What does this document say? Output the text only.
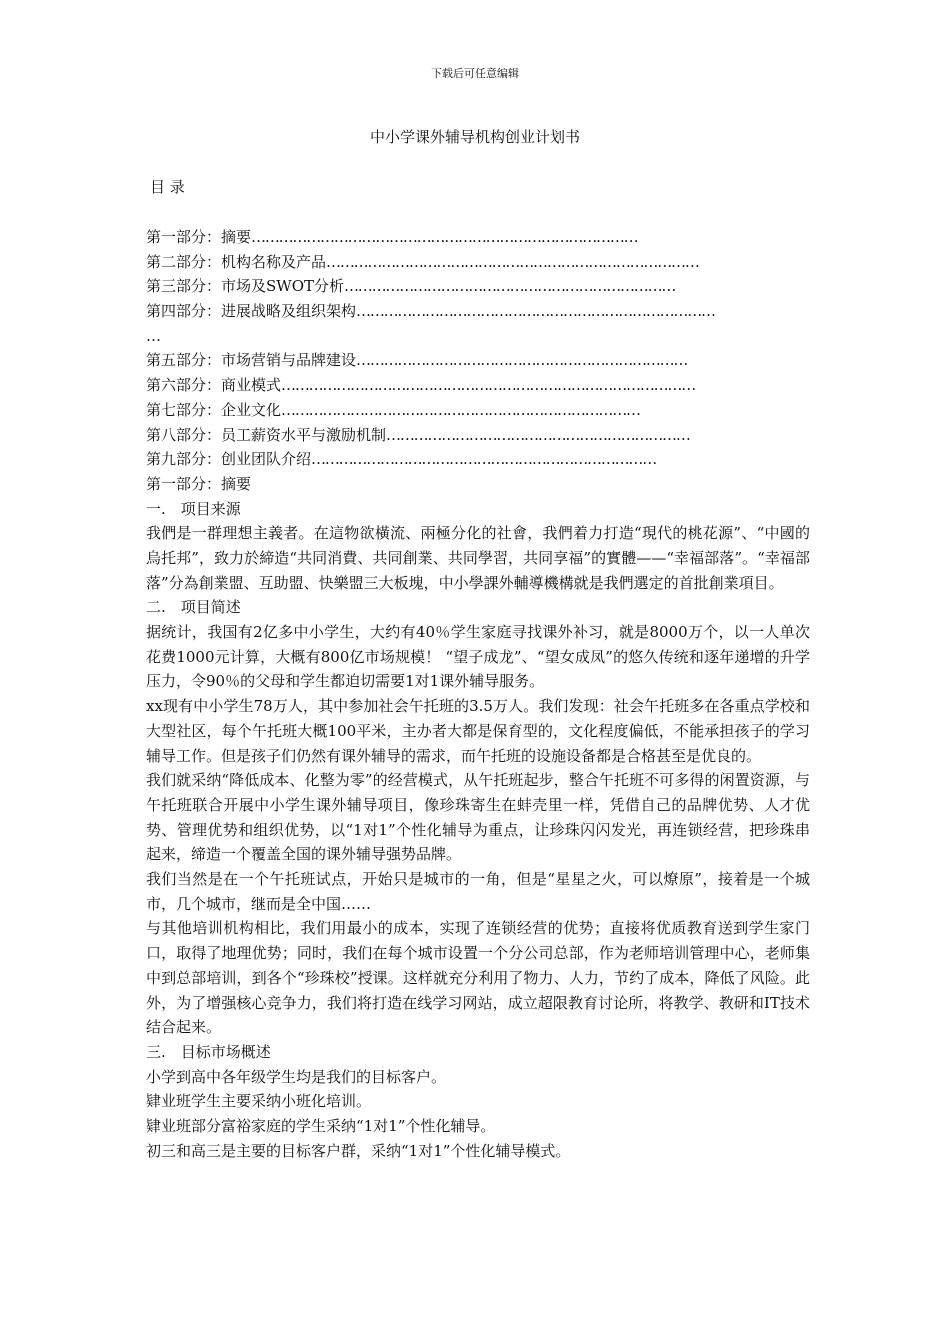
下载后可任意编辑
中小学课外辅导机构创业计划书
目 录
第一部分：摘要 …………………………………………………………………………
第二部分：机构名称及产品 ………………………………………………………………………
第三部分：市场及SWOT分析 ………………………………………………………………
第四部分：进展战略及组织架构 ……………………………………………………………………
…
第五部分：市场营销与品牌建设 ………………………………………………………………
第六部分：商业模式 ………………………………………………………………………………
第七部分：企业文化 ……………………………………………………………………
第八部分：员工薪资水平与激励机制 …………………………………………………………
第九部分：创业团队介绍 …………………………………………………………………
第一部分：摘要
一.　项目来源
我們是一群理想主義者。在這物欲橫流、兩極分化的社會，我們着力打造“現代的桃花源”、“中國的烏托邦”，致力於締造“共同消費、共同創業、共同學習，共同享福”的實體——“幸福部落”。“幸福部落”分為創業盟、互助盟、快樂盟三大板塊，中小學課外輔導機構就是我們選定的首批創業項目。
二.　项目简述
据统计，我国有2亿多中小学生，大约有40％学生家庭寻找课外补习，就是8000万个，以一人单次花费1000元计算，大概有800亿市场规模！ “望子成龙”、“望女成凤”的悠久传统和逐年递增的升学压力，令90％的父母和学生都迫切需要1对1课外辅导服务。
xx现有中小学生78万人，其中参加社会午托班的3.5万人。我们发现：社会午托班多在各重点学校和大型社区，每个午托班大概100平米，主办者大都是保育型的，文化程度偏低，不能承担孩子的学习辅导工作。但是孩子们仍然有课外辅导的需求，而午托班的设施设备都是合格甚至是优良的。
我们就采纳“降低成本、化整为零”的经营模式，从午托班起步，整合午托班不可多得的闲置资源，与午托班联合开展中小学生课外辅导项目，像珍珠寄生在蚌壳里一样，凭借自己的品牌优势、人才优势、管理优势和组织优势，以“1对1”个性化辅导为重点，让珍珠闪闪发光，再连锁经营，把珍珠串起来，缔造一个覆盖全国的课外辅导强势品牌。
我们当然是在一个午托班试点，开始只是城市的一角，但是“星星之火，可以燎原”，接着是一个城市，几个城市，继而是全中国……
与其他培训机构相比，我们用最小的成本，实现了连锁经营的优势；直接将优质教育送到学生家门口，取得了地理优势；同时，我们在每个城市设置一个分公司总部，作为老师培训管理中心，老师集中到总部培训，到各个“珍珠校”授课。这样就充分利用了物力、人力，节约了成本，降低了风险。此外，为了增强核心竞争力，我们将打造在线学习网站，成立超限教育讨论所，将教学、教研和IT技术结合起来。
三.　目标市场概述
小学到高中各年级学生均是我们的目标客户。
肄业班学生主要采纳小班化培训。
肄业班部分富裕家庭的学生采纳“1对1”个性化辅导。
初三和高三是主要的目标客户群，采纳“1对1”个性化辅导模式。
